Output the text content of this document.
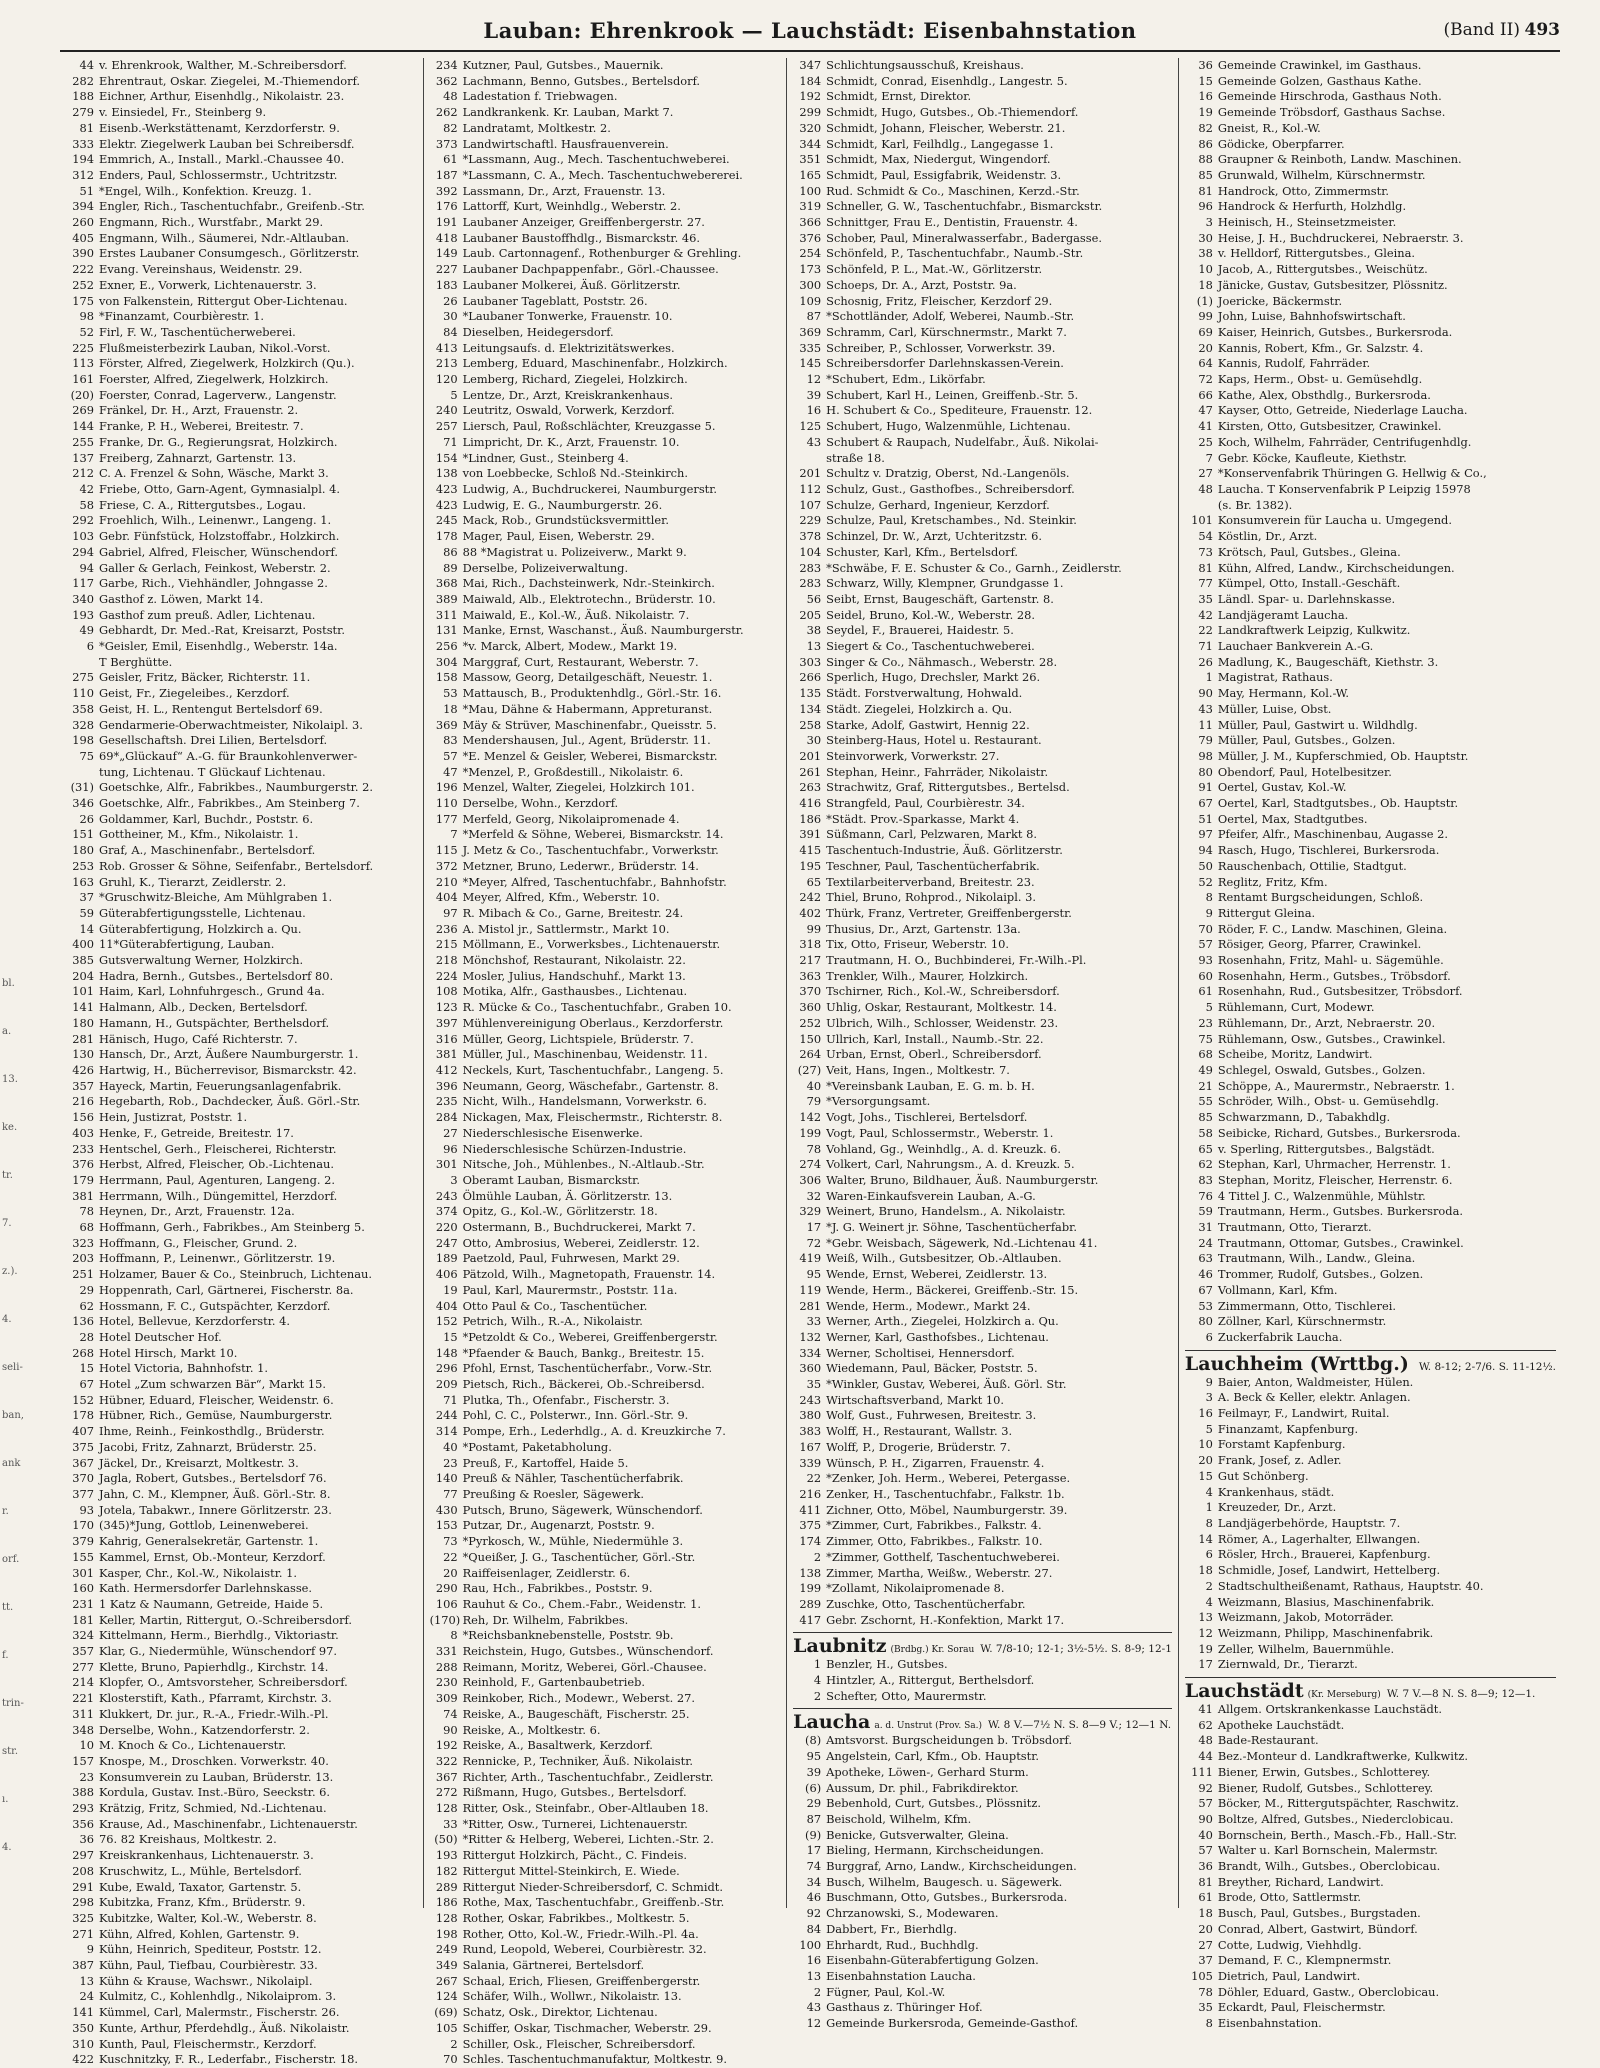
Lauban: Ehrenkrook — Lauchstädt: Eisenbahnstation	(Band II) 493
bl.
a.
13.
ke.
tr.
7.
z.).
4.
seli-
ban,
ank
r.
orf.
tt.
f.
trin-
str.
ı.
4.
44 v. Ehrenkrook, Walther, M.-Schreibersdorf.
282 Ehrentraut, Oskar. Ziegelei, M.-Thiemendorf.
188 Eichner, Arthur, Eisenhdlg., Nikolaistr. 23.
279 v. Einsiedel, Fr., Steinberg 9.
81 Eisenb.-Werkstättenamt, Kerzdorferstr. 9.
333 Elektr. Ziegelwerk Lauban bei Schreibersdf.
194 Emmrich, A., Install., Markl.-Chaussee 40.
312 Enders, Paul, Schlossermstr., Uchtritzstr.
51 *Engel, Wilh., Konfektion. Kreuzg. 1.
394 Engler, Rich., Taschentuchfabr., Greifenb.-Str.
260 Engmann, Rich., Wurstfabr., Markt 29.
405 Engmann, Wilh., Säumerei, Ndr.-Altlauban.
390 Erstes Laubaner Consumgesch., Görlitzerstr.
222 Evang. Vereinshaus, Weidenstr. 29.
252 Exner, E., Vorwerk, Lichtenauerstr. 3.
175 von Falkenstein, Rittergut Ober-Lichtenau.
98 *Finanzamt, Courbièrestr. 1.
52 Firl, F. W., Taschentücherweberei.
225 Flußmeisterbezirk Lauban, Nikol.-Vorst.
113 Förster, Alfred, Ziegelwerk, Holzkirch (Qu.).
161 Foerster, Alfred, Ziegelwerk, Holzkirch.
(20) Foerster, Conrad, Lagerverw., Langenstr.
269 Fränkel, Dr. H., Arzt, Frauenstr. 2.
144 Franke, P. H., Weberei, Breitestr. 7.
255 Franke, Dr. G., Regierungsrat, Holzkirch.
137 Freiberg, Zahnarzt, Gartenstr. 13.
212 C. A. Frenzel & Sohn, Wäsche, Markt 3.
42 Friebe, Otto, Garn-Agent, Gymnasialpl. 4.
58 Friese, C. A., Rittergutsbes., Logau.
292 Froehlich, Wilh., Leinenwr., Langeng. 1.
103 Gebr. Fünfstück, Holzstoffabr., Holzkirch.
294 Gabriel, Alfred, Fleischer, Wünschendorf.
94 Galler & Gerlach, Feinkost, Weberstr. 2.
117 Garbe, Rich., Viehhändler, Johngasse 2.
340 Gasthof z. Löwen, Markt 14.
193 Gasthof zum preuß. Adler, Lichtenau.
49 Gebhardt, Dr. Med.-Rat, Kreisarzt, Poststr.
6 *Geisler, Emil, Eisenhdlg., Weberstr. 14a.
T Berghütte.
275 Geisler, Fritz, Bäcker, Richterstr. 11.
110 Geist, Fr., Ziegeleibes., Kerzdorf.
358 Geist, H. L., Rentengut Bertelsdorf 69.
328 Gendarmerie-Oberwachtmeister, Nikolaipl. 3.
198 Gesellschaftsh. Drei Lilien, Bertelsdorf.
75 69*„Glückauf“ A.-G. für Braunkohlenverwer-
tung, Lichtenau. T Glückauf Lichtenau.
(31) Goetschke, Alfr., Fabrikbes., Naumburgerstr. 2.
346 Goetschke, Alfr., Fabrikbes., Am Steinberg 7.
26 Goldammer, Karl, Buchdr., Poststr. 6.
151 Gottheiner, M., Kfm., Nikolaistr. 1.
180 Graf, A., Maschinenfabr., Bertelsdorf.
253 Rob. Grosser & Söhne, Seifenfabr., Bertelsdorf.
163 Gruhl, K., Tierarzt, Zeidlerstr. 2.
37 *Gruschwitz-Bleiche, Am Mühlgraben 1.
59 Güterabfertigungsstelle, Lichtenau.
14 Güterabfertigung, Holzkirch a. Qu.
400 11*Güterabfertigung, Lauban.
385 Gutsverwaltung Werner, Holzkirch.
204 Hadra, Bernh., Gutsbes., Bertelsdorf 80.
101 Haim, Karl, Lohnfuhrgesch., Grund 4a.
141 Halmann, Alb., Decken, Bertelsdorf.
180 Hamann, H., Gutspächter, Berthelsdorf.
281 Hänisch, Hugo, Café Richterstr. 7.
130 Hansch, Dr., Arzt, Äußere Naumburgerstr. 1.
426 Hartwig, H., Bücherrevisor, Bismarckstr. 42.
357 Hayeck, Martin, Feuerungsanlagenfabrik.
216 Hegebarth, Rob., Dachdecker, Äuß. Görl.-Str.
156 Hein, Justizrat, Poststr. 1.
403 Henke, F., Getreide, Breitestr. 17.
233 Hentschel, Gerh., Fleischerei, Richterstr.
376 Herbst, Alfred, Fleischer, Ob.-Lichtenau.
179 Herrmann, Paul, Agenturen, Langeng. 2.
381 Herrmann, Wilh., Düngemittel, Herzdorf.
78 Heynen, Dr., Arzt, Frauenstr. 12a.
68 Hoffmann, Gerh., Fabrikbes., Am Steinberg 5.
323 Hoffmann, G., Fleischer, Grund. 2.
203 Hoffmann, P., Leinenwr., Görlitzerstr. 19.
251 Holzamer, Bauer & Co., Steinbruch, Lichtenau.
29 Hoppenrath, Carl, Gärtnerei, Fischerstr. 8a.
62 Hossmann, F. C., Gutspächter, Kerzdorf.
136 Hotel, Bellevue, Kerzdorferstr. 4.
28 Hotel Deutscher Hof.
268 Hotel Hirsch, Markt 10.
15 Hotel Victoria, Bahnhofstr. 1.
67 Hotel „Zum schwarzen Bär“, Markt 15.
152 Hübner, Eduard, Fleischer, Weidenstr. 6.
178 Hübner, Rich., Gemüse, Naumburgerstr.
407 Ihme, Reinh., Feinkosthdlg., Brüderstr.
375 Jacobi, Fritz, Zahnarzt, Brüderstr. 25.
367 Jäckel, Dr., Kreisarzt, Moltkestr. 3.
370 Jagla, Robert, Gutsbes., Bertelsdorf 76.
377 Jahn, C. M., Klempner, Äuß. Görl.-Str. 8.
93 Jotela, Tabakwr., Innere Görlitzerstr. 23.
170 (345)*Jung, Gottlob, Leinenweberei.
379 Kahrig, Generalsekretär, Gartenstr. 1.
155 Kammel, Ernst, Ob.-Monteur, Kerzdorf.
301 Kasper, Chr., Kol.-W., Nikolaistr. 1.
160 Kath. Hermersdorfer Darlehnskasse.
231 1 Katz & Naumann, Getreide, Haide 5.
181 Keller, Martin, Rittergut, O.-Schreibersdorf.
324 Kittelmann, Herm., Bierhdlg., Viktoriastr.
357 Klar, G., Niedermühle, Wünschendorf 97.
277 Klette, Bruno, Papierhdlg., Kirchstr. 14.
214 Klopfer, O., Amtsvorsteher, Schreibersdorf.
221 Klosterstift, Kath., Pfarramt, Kirchstr. 3.
311 Klukkert, Dr. jur., R.-A., Friedr.-Wilh.-Pl.
348 Derselbe, Wohn., Katzendorferstr. 2.
10 M. Knoch & Co., Lichtenauerstr.
157 Knospe, M., Droschken. Vorwerkstr. 40.
23 Konsumverein zu Lauban, Brüderstr. 13.
388 Kordula, Gustav. Inst.-Büro, Seeckstr. 6.
293 Krätzig, Fritz, Schmied, Nd.-Lichtenau.
356 Krause, Ad., Maschinenfabr., Lichtenauerstr.
36 76. 82 Kreishaus, Moltkestr. 2.
297 Kreiskrankenhaus, Lichtenauerstr. 3.
208 Kruschwitz, L., Mühle, Bertelsdorf.
291 Kube, Ewald, Taxator, Gartenstr. 5.
298 Kubitzka, Franz, Kfm., Brüderstr. 9.
325 Kubitzke, Walter, Kol.-W., Weberstr. 8.
271 Kühn, Alfred, Kohlen, Gartenstr. 9.
9 Kühn, Heinrich, Spediteur, Poststr. 12.
387 Kühn, Paul, Tiefbau, Courbièrestr. 33.
13 Kühn & Krause, Wachswr., Nikolaipl.
24 Kulmitz, C., Kohlenhdlg., Nikolaiprom. 3.
141 Kümmel, Carl, Malermstr., Fischerstr. 26.
350 Kunte, Arthur, Pferdehdlg., Äuß. Nikolaistr.
310 Kunth, Paul, Fleischermstr., Kerzdorf.
422 Kuschnitzky, F. R., Lederfabr., Fischerstr. 18.
234 Kutzner, Paul, Gutsbes., Mauernik.
362 Lachmann, Benno, Gutsbes., Bertelsdorf.
48 Ladestation f. Triebwagen.
262 Landkrankenk. Kr. Lauban, Markt 7.
82 Landratamt, Moltkestr. 2.
373 Landwirtschaftl. Hausfrauenverein.
61 *Lassmann, Aug., Mech. Taschentuchweberei.
187 *Lassmann, C. A., Mech. Taschentuchwebererei.
392 Lassmann, Dr., Arzt, Frauenstr. 13.
176 Lattorff, Kurt, Weinhdlg., Weberstr. 2.
191 Laubaner Anzeiger, Greiffenbergerstr. 27.
418 Laubaner Baustoffhdlg., Bismarckstr. 46.
149 Laub. Cartonnagenf., Rothenburger & Grehling.
227 Laubaner Dachpappenfabr., Görl.-Chaussee.
183 Laubaner Molkerei, Äuß. Görlitzerstr.
26 Laubaner Tageblatt, Poststr. 26.
30 *Laubaner Tonwerke, Frauenstr. 10.
84 Dieselben, Heidegersdorf.
413 Leitungsaufs. d. Elektrizitätswerkes.
213 Lemberg, Eduard, Maschinenfabr., Holzkirch.
120 Lemberg, Richard, Ziegelei, Holzkirch.
5 Lentze, Dr., Arzt, Kreiskrankenhaus.
240 Leutritz, Oswald, Vorwerk, Kerzdorf.
257 Liersch, Paul, Roßschlächter, Kreuzgasse 5.
71 Limpricht, Dr. K., Arzt, Frauenstr. 10.
154 *Lindner, Gust., Steinberg 4.
138 von Loebbecke, Schloß Nd.-Steinkirch.
423 Ludwig, A., Buchdruckerei, Naumburgerstr.
423 Ludwig, E. G., Naumburgerstr. 26.
245 Mack, Rob., Grundstücksvermittler.
178 Mager, Paul, Eisen, Weberstr. 29.
86 88 *Magistrat u. Polizeiverw., Markt 9.
89 Derselbe, Polizeiverwaltung.
368 Mai, Rich., Dachsteinwerk, Ndr.-Steinkirch.
389 Maiwald, Alb., Elektrotechn., Brüderstr. 10.
311 Maiwald, E., Kol.-W., Äuß. Nikolaistr. 7.
131 Manke, Ernst, Waschanst., Äuß. Naumburgerstr.
256 *v. Marck, Albert, Modew., Markt 19.
304 Marggraf, Curt, Restaurant, Weberstr. 7.
158 Massow, Georg, Detailgeschäft, Neuestr. 1.
53 Mattausch, B., Produktenhdlg., Görl.-Str. 16.
18 *Mau, Dähne & Habermann, Appreturanst.
369 Mäy & Strüver, Maschinenfabr., Queisstr. 5.
83 Mendershausen, Jul., Agent, Brüderstr. 11.
57 *E. Menzel & Geisler, Weberei, Bismarckstr.
47 *Menzel, P., Großdestill., Nikolaistr. 6.
196 Menzel, Walter, Ziegelei, Holzkirch 101.
110 Derselbe, Wohn., Kerzdorf.
177 Merfeld, Georg, Nikolaipromenade 4.
7 *Merfeld & Söhne, Weberei, Bismarckstr. 14.
115 J. Metz & Co., Taschentuchfabr., Vorwerkstr.
372 Metzner, Bruno, Lederwr., Brüderstr. 14.
210 *Meyer, Alfred, Taschentuchfabr., Bahnhofstr.
404 Meyer, Alfred, Kfm., Weberstr. 10.
97 R. Mibach & Co., Garne, Breitestr. 24.
236 A. Mistol jr., Sattlermstr., Markt 10.
215 Möllmann, E., Vorwerksbes., Lichtenauerstr.
218 Mönchshof, Restaurant, Nikolaistr. 22.
224 Mosler, Julius, Handschuhf., Markt 13.
108 Motika, Alfr., Gasthausbes., Lichtenau.
123 R. Mücke & Co., Taschentuchfabr., Graben 10.
397 Mühlenvereinigung Oberlaus., Kerzdorferstr.
316 Müller, Georg, Lichtspiele, Brüderstr. 7.
381 Müller, Jul., Maschinenbau, Weidenstr. 11.
412 Neckels, Kurt, Taschentuchfabr., Langeng. 5.
396 Neumann, Georg, Wäschefabr., Gartenstr. 8.
235 Nicht, Wilh., Handelsmann, Vorwerkstr. 6.
284 Nickagen, Max, Fleischermstr., Richterstr. 8.
27 Niederschlesische Eisenwerke.
96 Niederschlesische Schürzen-Industrie.
301 Nitsche, Joh., Mühlenbes., N.-Altlaub.-Str.
3 Oberamt Lauban, Bismarckstr.
243 Ölmühle Lauban, Ä. Görlitzerstr. 13.
374 Opitz, G., Kol.-W., Görlitzerstr. 18.
220 Ostermann, B., Buchdruckerei, Markt 7.
247 Otto, Ambrosius, Weberei, Zeidlerstr. 12.
189 Paetzold, Paul, Fuhrwesen, Markt 29.
406 Pätzold, Wilh., Magnetopath, Frauenstr. 14.
19 Paul, Karl, Maurermstr., Poststr. 11a.
404 Otto Paul & Co., Taschentücher.
152 Petrich, Wilh., R.-A., Nikolaistr.
15 *Petzoldt & Co., Weberei, Greiffenbergerstr.
148 *Pfaender & Bauch, Bankg., Breitestr. 15.
296 Pfohl, Ernst, Taschentücherfabr., Vorw.-Str.
209 Pietsch, Rich., Bäckerei, Ob.-Schreibersd.
71 Plutka, Th., Ofenfabr., Fischerstr. 3.
244 Pohl, C. C., Polsterwr., Inn. Görl.-Str. 9.
314 Pompe, Erh., Lederhdlg., A. d. Kreuzkirche 7.
40 *Postamt, Paketabholung.
23 Preuß, F., Kartoffel, Haide 5.
140 Preuß & Nähler, Taschentücherfabrik.
77 Preußing & Roesler, Sägewerk.
430 Putsch, Bruno, Sägewerk, Wünschendorf.
153 Putzar, Dr., Augenarzt, Poststr. 9.
73 *Pyrkosch, W., Mühle, Niedermühle 3.
22 *Queißer, J. G., Taschentücher, Görl.-Str.
20 Raiffeisenlager, Zeidlerstr. 6.
290 Rau, Hch., Fabrikbes., Poststr. 9.
106 Rauhut & Co., Chem.-Fabr., Weidenstr. 1.
(170) Reh, Dr. Wilhelm, Fabrikbes.
8 *Reichsbanknebenstelle, Poststr. 9b.
331 Reichstein, Hugo, Gutsbes., Wünschendorf.
288 Reimann, Moritz, Weberei, Görl.-Chausee.
230 Reinhold, F., Gartenbaubetrieb.
309 Reinkober, Rich., Modewr., Weberst. 27.
74 Reiske, A., Baugeschäft, Fischerstr. 25.
90 Reiske, A., Moltkestr. 6.
192 Reiske, A., Basaltwerk, Kerzdorf.
322 Rennicke, P., Techniker, Äuß. Nikolaistr.
367 Richter, Arth., Taschentuchfabr., Zeidlerstr.
272 Rißmann, Hugo, Gutsbes., Bertelsdorf.
128 Ritter, Osk., Steinfabr., Ober-Altlauben 18.
33 *Ritter, Osw., Turnerei, Lichtenauerstr.
(50) *Ritter & Helberg, Weberei, Lichten.-Str. 2.
193 Rittergut Holzkirch, Pächt., C. Findeis.
182 Rittergut Mittel-Steinkirch, E. Wiede.
289 Rittergut Nieder-Schreibersdorf, C. Schmidt.
186 Rothe, Max, Taschentuchfabr., Greiffenb.-Str.
128 Rother, Oskar, Fabrikbes., Moltkestr. 5.
198 Rother, Otto, Kol.-W., Friedr.-Wilh.-Pl. 4a.
249 Rund, Leopold, Weberei, Courbièrestr. 32.
349 Salania, Gärtnerei, Bertelsdorf.
267 Schaal, Erich, Fliesen, Greiffenbergerstr.
124 Schäfer, Wilh., Wollwr., Nikolaistr. 13.
(69) Schatz, Osk., Direktor, Lichtenau.
105 Schiffer, Oskar, Tischmacher, Weberstr. 29.
2 Schiller, Osk., Fleischer, Schreibersdorf.
70 Schles. Taschentuchmanufaktur, Moltkestr. 9.
347 Schlichtungsausschuß, Kreishaus.
184 Schmidt, Conrad, Eisenhdlg., Langestr. 5.
192 Schmidt, Ernst, Direktor.
299 Schmidt, Hugo, Gutsbes., Ob.-Thiemendorf.
320 Schmidt, Johann, Fleischer, Weberstr. 21.
344 Schmidt, Karl, Feilhdlg., Langegasse 1.
351 Schmidt, Max, Niedergut, Wingendorf.
165 Schmidt, Paul, Essigfabrik, Weidenstr. 3.
100 Rud. Schmidt & Co., Maschinen, Kerzd.-Str.
319 Schneller, G. W., Taschentuchfabr., Bismarckstr.
366 Schnittger, Frau E., Dentistin, Frauenstr. 4.
376 Schober, Paul, Mineralwasserfabr., Badergasse.
254 Schönfeld, P., Taschentuchfabr., Naumb.-Str.
173 Schönfeld, P. L., Mat.-W., Görlitzerstr.
300 Schoeps, Dr. A., Arzt, Poststr. 9a.
109 Schosnig, Fritz, Fleischer, Kerzdorf 29.
87 *Schottländer, Adolf, Weberei, Naumb.-Str.
369 Schramm, Carl, Kürschnermstr., Markt 7.
335 Schreiber, P., Schlosser, Vorwerkstr. 39.
145 Schreibersdorfer Darlehnskassen-Verein.
12 *Schubert, Edm., Likörfabr.
39 Schubert, Karl H., Leinen, Greiffenb.-Str. 5.
16 H. Schubert & Co., Spediteure, Frauenstr. 12.
125 Schubert, Hugo, Walzenmühle, Lichtenau.
43 Schubert & Raupach, Nudelfabr., Äuß. Nikolai-
straße 18.
201 Schultz v. Dratzig, Oberst, Nd.-Langenöls.
112 Schulz, Gust., Gasthofbes., Schreibersdorf.
107 Schulze, Gerhard, Ingenieur, Kerzdorf.
229 Schulze, Paul, Kretschambes., Nd. Steinkir.
378 Schinzel, Dr. W., Arzt, Uchteritzstr. 6.
104 Schuster, Karl, Kfm., Bertelsdorf.
283 *Schwäbe, F. E. Schuster & Co., Garnh., Zeidlerstr.
283 Schwarz, Willy, Klempner, Grundgasse 1.
56 Seibt, Ernst, Baugeschäft, Gartenstr. 8.
205 Seidel, Bruno, Kol.-W., Weberstr. 28.
38 Seydel, F., Brauerei, Haidestr. 5.
13 Siegert & Co., Taschentuchweberei.
303 Singer & Co., Nähmasch., Weberstr. 28.
266 Sperlich, Hugo, Drechsler, Markt 26.
135 Städt. Forstverwaltung, Hohwald.
134 Städt. Ziegelei, Holzkirch a. Qu.
258 Starke, Adolf, Gastwirt, Hennig 22.
30 Steinberg-Haus, Hotel u. Restaurant.
201 Steinvorwerk, Vorwerkstr. 27.
261 Stephan, Heinr., Fahrräder, Nikolaistr.
263 Strachwitz, Graf, Rittergutsbes., Bertelsd.
416 Strangfeld, Paul, Courbièrestr. 34.
186 *Städt. Prov.-Sparkasse, Markt 4.
391 Süßmann, Carl, Pelzwaren, Markt 8.
415 Taschentuch-Industrie, Äuß. Görlitzerstr.
195 Teschner, Paul, Taschentücherfabrik.
65 Textilarbeiterverband, Breitestr. 23.
242 Thiel, Bruno, Rohprod., Nikolaipl. 3.
402 Thürk, Franz, Vertreter, Greiffenbergerstr.
99 Thusius, Dr., Arzt, Gartenstr. 13a.
318 Tix, Otto, Friseur, Weberstr. 10.
217 Trautmann, H. O., Buchbinderei, Fr.-Wilh.-Pl.
363 Trenkler, Wilh., Maurer, Holzkirch.
370 Tschirner, Rich., Kol.-W., Schreibersdorf.
360 Uhlig, Oskar, Restaurant, Moltkestr. 14.
252 Ulbrich, Wilh., Schlosser, Weidenstr. 23.
150 Ullrich, Karl, Install., Naumb.-Str. 22.
264 Urban, Ernst, Oberl., Schreibersdorf.
(27) Veit, Hans, Ingen., Moltkestr. 7.
40 *Vereinsbank Lauban, E. G. m. b. H.
79 *Versorgungsamt.
142 Vogt, Johs., Tischlerei, Bertelsdorf.
199 Vogt, Paul, Schlossermstr., Weberstr. 1.
78 Vohland, Gg., Weinhdlg., A. d. Kreuzk. 6.
274 Volkert, Carl, Nahrungsm., A. d. Kreuzk. 5.
306 Walter, Bruno, Bildhauer, Äuß. Naumburgerstr.
32 Waren-Einkaufsverein Lauban, A.-G.
329 Weinert, Bruno, Handelsm., A. Nikolaistr.
17 *J. G. Weinert jr. Söhne, Taschentücherfabr.
72 *Gebr. Weisbach, Sägewerk, Nd.-Lichtenau 41.
419 Weiß, Wilh., Gutsbesitzer, Ob.-Altlauben.
95 Wende, Ernst, Weberei, Zeidlerstr. 13.
119 Wende, Herm., Bäckerei, Greiffenb.-Str. 15.
281 Wende, Herm., Modewr., Markt 24.
33 Werner, Arth., Ziegelei, Holzkirch a. Qu.
132 Werner, Karl, Gasthofsbes., Lichtenau.
334 Werner, Scholtisei, Hennersdorf.
360 Wiedemann, Paul, Bäcker, Poststr. 5.
35 *Winkler, Gustav, Weberei, Äuß. Görl. Str.
243 Wirtschaftsverband, Markt 10.
380 Wolf, Gust., Fuhrwesen, Breitestr. 3.
383 Wolff, H., Restaurant, Wallstr. 3.
167 Wolff, P., Drogerie, Brüderstr. 7.
339 Wünsch, P. H., Zigarren, Frauenstr. 4.
22 *Zenker, Joh. Herm., Weberei, Petergasse.
216 Zenker, H., Taschentuchfabr., Falkstr. 1b.
411 Zichner, Otto, Möbel, Naumburgerstr. 39.
375 *Zimmer, Curt, Fabrikbes., Falkstr. 4.
174 Zimmer, Otto, Fabrikbes., Falkstr. 10.
2 *Zimmer, Gotthelf, Taschentuchweberei.
138 Zimmer, Martha, Weißw., Weberstr. 27.
199 *Zollamt, Nikolaipromenade 8.
289 Zuschke, Otto, Taschentücherfabr.
417 Gebr. Zschornt, H.-Konfektion, Markt 17.
Laubnitz (Brdbg.) Kr. Sorau W. 7/8-10; 12-1; 3½-5½. S. 8-9; 12-1
1 Benzler, H., Gutsbes.
4 Hintzler, A., Rittergut, Berthelsdorf.
2 Schefter, Otto, Maurermstr.
Laucha a. d. Unstrut (Prov. Sa.) W. 8 V.—7½ N. S. 8—9 V.; 12—1 N.
(8) Amtsvorst. Burgscheidungen b. Tröbsdorf.
95 Angelstein, Carl, Kfm., Ob. Hauptstr.
39 Apotheke, Löwen-, Gerhard Sturm.
(6) Aussum, Dr. phil., Fabrikdirektor.
29 Bebenhold, Curt, Gutsbes., Plössnitz.
87 Beischold, Wilhelm, Kfm.
(9) Benicke, Gutsverwalter, Gleina.
17 Bieling, Hermann, Kirchscheidungen.
74 Burggraf, Arno, Landw., Kirchscheidungen.
34 Busch, Wilhelm, Baugesch. u. Sägewerk.
46 Buschmann, Otto, Gutsbes., Burkersroda.
92 Chrzanowski, S., Modewaren.
84 Dabbert, Fr., Bierhdlg.
100 Ehrhardt, Rud., Buchhdlg.
16 Eisenbahn-Güterabfertigung Golzen.
13 Eisenbahnstation Laucha.
2 Fügner, Paul, Kol.-W.
43 Gasthaus z. Thüringer Hof.
12 Gemeinde Burkersroda, Gemeinde-Gasthof.
36 Gemeinde Crawinkel, im Gasthaus.
15 Gemeinde Golzen, Gasthaus Kathe.
16 Gemeinde Hirschroda, Gasthaus Noth.
19 Gemeinde Tröbsdorf, Gasthaus Sachse.
82 Gneist, R., Kol.-W.
86 Gödicke, Oberpfarrer.
88 Graupner & Reinboth, Landw. Maschinen.
85 Grunwald, Wilhelm, Kürschnermstr.
81 Handrock, Otto, Zimmermstr.
96 Handrock & Herfurth, Holzhdlg.
3 Heinisch, H., Steinsetzmeister.
30 Heise, J. H., Buchdruckerei, Nebraerstr. 3.
38 v. Helldorf, Rittergutsbes., Gleina.
10 Jacob, A., Rittergutsbes., Weischütz.
18 Jänicke, Gustav, Gutsbesitzer, Plössnitz.
(1) Joericke, Bäckermstr.
99 John, Luise, Bahnhofswirtschaft.
69 Kaiser, Heinrich, Gutsbes., Burkersroda.
20 Kannis, Robert, Kfm., Gr. Salzstr. 4.
64 Kannis, Rudolf, Fahrräder.
72 Kaps, Herm., Obst- u. Gemüsehdlg.
66 Kathe, Alex, Obsthdlg., Burkersroda.
47 Kayser, Otto, Getreide, Niederlage Laucha.
41 Kirsten, Otto, Gutsbesitzer, Crawinkel.
25 Koch, Wilhelm, Fahrräder, Centrifugenhdlg.
7 Gebr. Köcke, Kaufleute, Kiethstr.
27 *Konservenfabrik Thüringen G. Hellwig & Co.,
48 Laucha. T Konservenfabrik P Leipzig 15978
(s. Br. 1382).
101 Konsumverein für Laucha u. Umgegend.
54 Köstlin, Dr., Arzt.
73 Krötsch, Paul, Gutsbes., Gleina.
81 Kühn, Alfred, Landw., Kirchscheidungen.
77 Kümpel, Otto, Install.-Geschäft.
35 Ländl. Spar- u. Darlehnskasse.
42 Landjägeramt Laucha.
22 Landkraftwerk Leipzig, Kulkwitz.
71 Lauchaer Bankverein A.-G.
26 Madlung, K., Baugeschäft, Kiethstr. 3.
1 Magistrat, Rathaus.
90 May, Hermann, Kol.-W.
43 Müller, Luise, Obst.
11 Müller, Paul, Gastwirt u. Wildhdlg.
79 Müller, Paul, Gutsbes., Golzen.
98 Müller, J. M., Kupferschmied, Ob. Hauptstr.
80 Obendorf, Paul, Hotelbesitzer.
91 Oertel, Gustav, Kol.-W.
67 Oertel, Karl, Stadtgutsbes., Ob. Hauptstr.
51 Oertel, Max, Stadtgutbes.
97 Pfeifer, Alfr., Maschinenbau, Augasse 2.
94 Rasch, Hugo, Tischlerei, Burkersroda.
50 Rauschenbach, Ottilie, Stadtgut.
52 Reglitz, Fritz, Kfm.
8 Rentamt Burgscheidungen, Schloß.
9 Rittergut Gleina.
70 Röder, F. C., Landw. Maschinen, Gleina.
57 Rösiger, Georg, Pfarrer, Crawinkel.
93 Rosenhahn, Fritz, Mahl- u. Sägemühle.
60 Rosenhahn, Herm., Gutsbes., Tröbsdorf.
61 Rosenhahn, Rud., Gutsbesitzer, Tröbsdorf.
5 Rühlemann, Curt, Modewr.
23 Rühlemann, Dr., Arzt, Nebraerstr. 20.
75 Rühlemann, Osw., Gutsbes., Crawinkel.
68 Scheibe, Moritz, Landwirt.
49 Schlegel, Oswald, Gutsbes., Golzen.
21 Schöppe, A., Maurermstr., Nebraerstr. 1.
55 Schröder, Wilh., Obst- u. Gemüsehdlg.
85 Schwarzmann, D., Tabakhdlg.
58 Seibicke, Richard, Gutsbes., Burkersroda.
65 v. Sperling, Rittergutsbes., Balgstädt.
62 Stephan, Karl, Uhrmacher, Herrenstr. 1.
83 Stephan, Moritz, Fleischer, Herrenstr. 6.
76 4 Tittel J. C., Walzenmühle, Mühlstr.
59 Trautmann, Herm., Gutsbes. Burkersroda.
31 Trautmann, Otto, Tierarzt.
24 Trautmann, Ottomar, Gutsbes., Crawinkel.
63 Trautmann, Wilh., Landw., Gleina.
46 Trommer, Rudolf, Gutsbes., Golzen.
67 Vollmann, Karl, Kfm.
53 Zimmermann, Otto, Tischlerei.
80 Zöllner, Karl, Kürschnermstr.
6 Zuckerfabrik Laucha.
Lauchheim (Wrttbg.) W. 8-12; 2-7/6. S. 11-12½.
9 Baier, Anton, Waldmeister, Hülen.
3 A. Beck & Keller, elektr. Anlagen.
16 Feilmayr, F., Landwirt, Ruital.
5 Finanzamt, Kapfenburg.
10 Forstamt Kapfenburg.
20 Frank, Josef, z. Adler.
15 Gut Schönberg.
4 Krankenhaus, städt.
1 Kreuzeder, Dr., Arzt.
8 Landjägerbehörde, Hauptstr. 7.
14 Römer, A., Lagerhalter, Ellwangen.
6 Rösler, Hrch., Brauerei, Kapfenburg.
18 Schmidle, Josef, Landwirt, Hettelberg.
2 Stadtschultheißenamt, Rathaus, Hauptstr. 40.
4 Weizmann, Blasius, Maschinenfabrik.
13 Weizmann, Jakob, Motorräder.
12 Weizmann, Philipp, Maschinenfabrik.
19 Zeller, Wilhelm, Bauernmühle.
17 Ziernwald, Dr., Tierarzt.
Lauchstädt (Kr. Merseburg) W. 7 V.—8 N. S. 8—9; 12—1.
41 Allgem. Ortskrankenkasse Lauchstädt.
62 Apotheke Lauchstädt.
48 Bade-Restaurant.
44 Bez.-Monteur d. Landkraftwerke, Kulkwitz.
111 Biener, Erwin, Gutsbes., Schlotterey.
92 Biener, Rudolf, Gutsbes., Schlotterey.
57 Böcker, M., Rittergutspächter, Raschwitz.
90 Boltze, Alfred, Gutsbes., Niederclobicau.
40 Bornschein, Berth., Masch.-Fb., Hall.-Str.
57 Walter u. Karl Bornschein, Malermstr.
36 Brandt, Wilh., Gutsbes., Oberclobicau.
81 Breyther, Richard, Landwirt.
61 Brode, Otto, Sattlermstr.
18 Busch, Paul, Gutsbes., Burgstaden.
20 Conrad, Albert, Gastwirt, Bündorf.
27 Cotte, Ludwig, Viehhdlg.
37 Demand, F. C., Klempnermstr.
105 Dietrich, Paul, Landwirt.
78 Döhler, Eduard, Gastw., Oberclobicau.
35 Eckardt, Paul, Fleischermstr.
8 Eisenbahnstation.
